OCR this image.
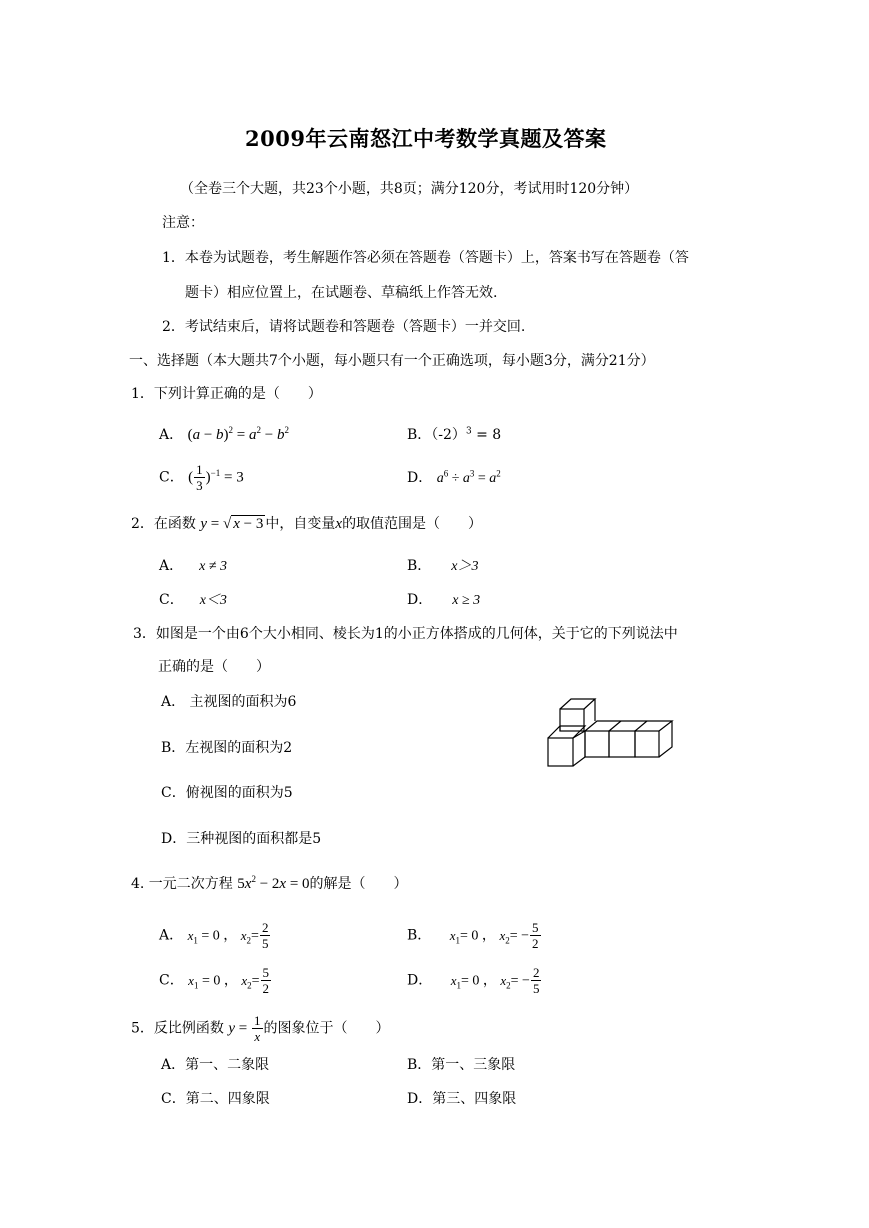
2009年云南怒江中考数学真题及答案
（全卷三个大题，共23个小题，共8页；满分120分，考试用时120分钟）
注意：
1．本卷为试题卷，考生解题作答必须在答题卷（答题卡）上，答案书写在答题卷（答
题卡）相应位置上，在试题卷、草稿纸上作答无效.
2．考试结束后，请将试题卷和答题卷（答题卡）一并交回.
一、选择题（本大题共7个小题，每小题只有一个正确选项，每小题3分，满分21分）
1．下列计算正确的是（　　）
A． $(a - b)^2 = a^2 - b^2$	B．$(-2)^3 = 8$
C． ( $\frac{1}{3} )^{-1} = 3$	D． $a^6 \div a^3 = a^2$
2．在函数 y = √ x − 3 中，自变量x的取值范围是（　　）
A． x ≠ 3	B． x＞3
C． x＜3	D． x ≥ 3
3．如图是一个由6个大小相同、棱长为1的小正方体搭成的几何体，关于它的下列说法中
正确的是（　　）
A． 主视图的面积为6
B．左视图的面积为2
C．俯视图的面积为5
D．三种视图的面积都是5
4. 一元二次方程 $5x^2 - 2x = 0$的解是（　　）
A． $x_1 = 0$ ， $x_2= \frac{2}{5}$	B． $x_1= 0$ ， $x_2= - \frac{5}{2}$
C． $x_1 = 0$ ， $x_2= \frac{5}{2}$	D． $x_1= 0$ ， $x_2= - \frac{2}{5}$
5．反比例函数 $y = \frac{1}{x}$ 的图象位于（　　）
A．第一、二象限	B．第一、三象限
C．第二、四象限	D．第三、四象限
